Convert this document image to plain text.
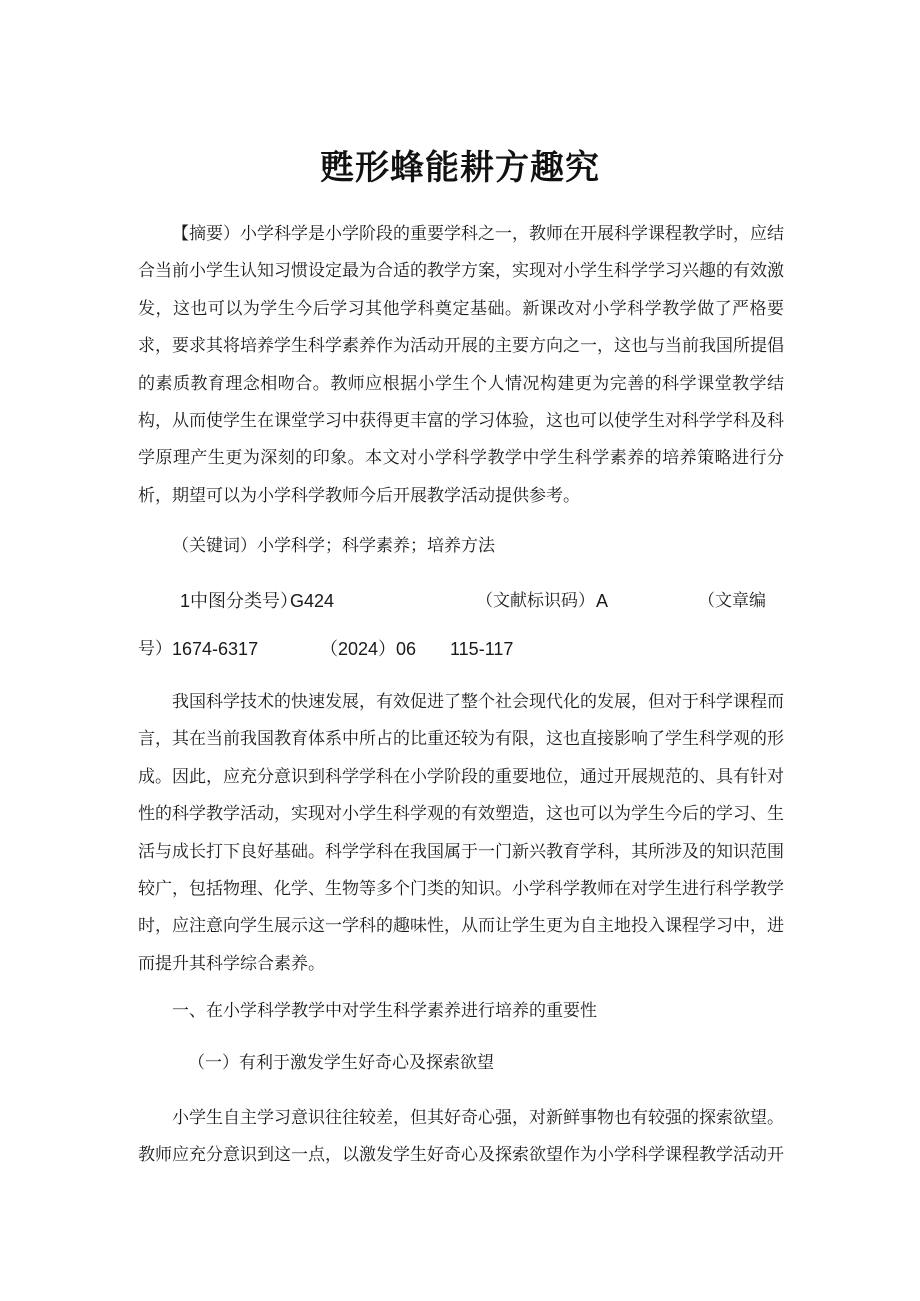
甦形蜂能耕方趣究

【摘要）小学科学是小学阶段的重要学科之一，教师在开展科学课程教学时，应结合当前小学生认知习惯设定最为合适的教学方案，实现对小学生科学学习兴趣的有效激发，这也可以为学生今后学习其他学科奠定基础。新课改对小学科学教学做了严格要求，要求其将培养学生科学素养作为活动开展的主要方向之一，这也与当前我国所提倡的素质教育理念相吻合。教师应根据小学生个人情况构建更为完善的科学课堂教学结构，从而使学生在课堂学习中获得更丰富的学习体验，这也可以使学生对科学学科及科学原理产生更为深刻的印象。本文对小学科学教学中学生科学素养的培养策略进行分析，期望可以为小学科学教师今后开展教学活动提供参考。

（关键词）小学科学；科学素养；培养方法

1中图分类号）
G424	（文献标识码） A	（文章编
号） 1674-6317	（2024）06 115-117

我国科学技术的快速发展，有效促进了整个社会现代化的发展，但对于科学课程而言，其在当前我国教育体系中所占的比重还较为有限，这也直接影响了学生科学观的形成。因此，应充分意识到科学学科在小学阶段的重要地位，通过开展规范的、具有针对性的科学教学活动，实现对小学生科学观的有效塑造，这也可以为学生今后的学习、生活与成长打下良好基础。科学学科在我国属于一门新兴教育学科，其所涉及的知识范围较广，包括物理、化学、生物等多个门类的知识。小学科学教师在对学生进行科学教学时，应注意向学生展示这一学科的趣味性，从而让学生更为自主地投入课程学习中，进而提升其科学综合素养。

一、在小学科学教学中对学生科学素养进行培养的重要性

（一）有利于激发学生好奇心及探索欲望

小学生自主学习意识往往较差，但其好奇心强，对新鲜事物也有较强的探索欲望。教师应充分意识到这一点，以激发学生好奇心及探索欲望作为小学科学课程教学活动开
